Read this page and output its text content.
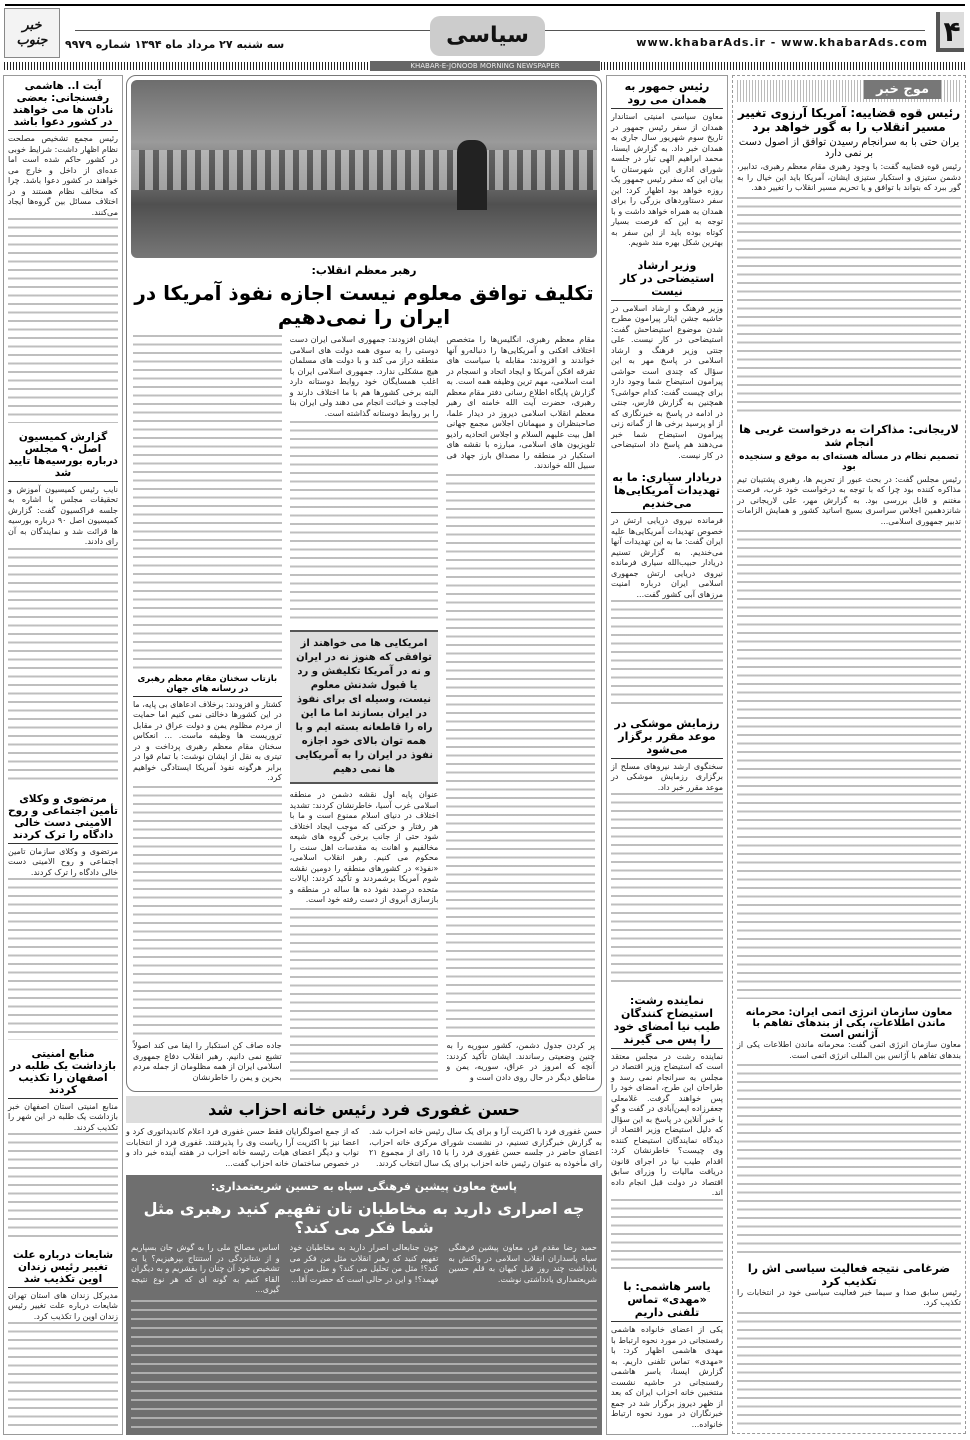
۴
www.khabarAds.ir - www.khabarAds.com
سیاسی
سه شنبه ۲۷ مرداد ماه ۱۳۹۴ شماره ۹۹۷۹
خبر جنوب
KHABAR-E-JONOOB MORNING NEWSPAPER
موج خبر
رئیس قوه قضاییه: آمریکا آرزوی تغییر مسیر انقلاب را به گور خواهد برد
یران حتی با به سرانجام رسیدن توافق از اصول دست بر نمی دارد
رئیس قوه قضاییه گفت: با وجود رهبری مقام معظم رهبری، تدابیر، دشمن ستیزی و استکبار ستیزی ایشان، آمریکا باید این خیال را به گور ببرد که بتواند با توافق و یا تحریم مسیر انقلاب را تغییر دهد.
لاریجانی: مذاکرات به درخواست غربی ها انجام شد
تصمیم نظام در مسأله هسته‌ای به موقع و سنجیده بود
رئیس مجلس گفت: در بحث عبور از تحریم ها، رهبری پشتیبان تیم مذاکره کننده بود چرا که با توجه به درخواست خود غرب، فرصت مغتنم و قابل بررسی بود. به گزارش مهر، علی لاریجانی در شانزدهمین اجلاس سراسری بسیج اساتید کشور و همایش الزامات تدبیر جمهوری اسلامی...
معاون سازمان انرژی اتمی ایران: محرمانه ماندن اطلاعات، یکی از بندهای تفاهم با آژانس است
معاون سازمان انرژی اتمی گفت: محرمانه ماندن اطلاعات یکی از بندهای تفاهم با آژانس بین المللی انرژی اتمی است.
ضرغامی نتیجه فعالیت سیاسی اش را تکذیب کرد
رئیس سابق صدا و سیما خبر فعالیت سیاسی خود در انتخابات را تکذیب کرد.
رئیس جمهور به همدان می رود
معاون سیاسی امنیتی استاندار همدان از سفر رئیس جمهور در تاریخ سوم شهریور سال جاری به همدان خبر داد. به گزارش ایسنا، محمد ابراهیم الهی تبار در جلسه شورای اداری این شهرستان با بیان این که سفر رئیس جمهور یک روزه خواهد بود اظهار کرد: این سفر دستاوردهای بزرگی را برای همدان به همراه خواهد داشت و با توجه به این که فرصت بسیار کوتاه بوده باید از این سفر به بهترین شکل بهره مند شویم.
وزیر ارشاد استیضاحی در کار نیست
وزیر فرهنگ و ارشاد اسلامی در حاشیه جشن ایثار پیرامون مطرح شدن موضوع استیضاحش گفت: استیضاحی در کار نیست. علی جنتی وزیر فرهنگ و ارشاد اسلامی در پاسخ مهر به این سؤال که چندی است حواشی پیرامون استیضاح شما وجود دارد برای چیست گفت: کدام حواشی؟ همچنین به گزارش فارس، جنتی در ادامه در پاسخ به خبرنگاری که از او پرسید برخی ها از گمانه زنی پیرامون استیضاح شما خبر می‌دهند هم پاسخ داد استیضاحی در کار نیست.
دریادار سیاری: ما به تهدیدات آمریکایی‌ها می‌خندیم
فرمانده نیروی دریایی ارتش در خصوص تهدیدات آمریکایی‌ها علیه ایران گفت: ما به این تهدیدات آنها می‌خندیم. به گزارش تسنیم دریادار حبیب‌الله سیاری فرمانده نیروی دریایی ارتش جمهوری اسلامی ایران درباره امنیت مرزهای آبی کشور گفت...
رزمایش موشکی در موعد مقرر برگزار می‌شود
سخنگوی ارشد نیروهای مسلح از برگزاری رزمایش موشکی در موعد مقرر خبر داد.
نماینده رشت: استیضاح کنندگان طیب نیا امضای خود را پس می گیرند
نماینده رشت در مجلس معتقد است که استیضاح وزیر اقتصاد در مجلس به سرانجام نمی رسد و طراحان این طرح، امضای خود را پس خواهند گرفت. غلامعلی جعفرزاده ایمن‌آبادی در گفت و گو با خبر آنلاین در پاسخ به این سؤال که دلیل استیضاح وزیر اقتصاد از دیدگاه نمایندگان استیضاح کننده وی چیست؟ خاطرنشان کرد: اقدام طیب نیا در اجرای قانون دریافت مالیات را وزرای سابق اقتصاد در دولت قبل انجام داده اند.
یاسر هاشمی: با «مهدی» تماس تلفنی داریم
یکی از اعضای خانواده هاشمی رفسنجانی در مورد نحوه ارتباط با مهدی هاشمی اظهار کرد: با «مهدی» تماس تلفنی داریم. به گزارش ایسنا، یاسر هاشمی رفسنجانی در حاشیه نشست منتخبین خانه احزاب ایران که بعد از ظهر دیروز برگزار شد در جمع خبرنگاران در مورد نحوه ارتباط خانواده...
رهبر معظم انقلاب:
تکلیف توافق معلوم نیست اجازه نفوذ آمریکا در ایران را نمی‌دهیم
مقام معظم رهبری، انگلیس‌ها را متخصص اختلاف افکنی و آمریکایی‌ها را دنباله‌رو آنها خواندند و افزودند: مقابله با سیاست های تفرقه افکن آمریکا و ایجاد اتحاد و انسجام در امت اسلامی، مهم ترین وظیفه همه است. به گزارش پایگاه اطلاع رسانی دفتر مقام معظم رهبری، حضرت آیت الله خامنه ای رهبر معظم انقلاب اسلامی دیروز در دیدار علما، صاحبنظران و میهمانان اجلاس مجمع جهانی اهل بیت علیهم السلام و اجلاس اتحادیه رادیو تلویزیون های اسلامی، مبارزه با نقشه های استکبار در منطقه را مصداق بارز جهاد فی سبیل الله خواندند.
پر کردن جدول دشمن، کشور سوریه را به چنین وضعیتی رساندند. ایشان تأکید کردند: آنچه که امروز در عراق، سوریه، یمن و مناطق دیگر در حال روی دادن است و
ایشان افزودند: جمهوری اسلامی ایران دست دوستی را به سوی همه دولت های اسلامی منطقه دراز می کند و با دولت های مسلمان هیچ مشکلی ندارد. جمهوری اسلامی ایران با اغلب همسایگان خود روابط دوستانه دارد البته برخی کشورها هم با ما اختلاف دارند و لجاجت و خباثت انجام می دهند ولی ایران بنا را بر روابط دوستانه گذاشته است.
امریکایی ها می خواهند از توافقی که هنوز نه در ایران و نه در آمریکا تکلیفش و رد یا قبول شدنش معلوم نیست، وسیله ای برای نفوذ در ایران بسازند اما ما این راه را قاطعانه بسته ایم و با همه توان بالای خود اجازه نفوذ در ایران را به آمریکایی ها نمی دهیم
عنوان پایه اول نقشه دشمن در منطقه اسلامی غرب آسیا، خاطرنشان کردند: تشدید اختلاف در دنیای اسلام ممنوع است و ما با هر رفتار و حرکتی که موجب ایجاد اختلاف شود حتی از جانب برخی گروه های شیعه مخالفیم و اهانت به مقدسات اهل سنت را محکوم می کنیم. رهبر انقلاب اسلامی، «نفوذ» در کشورهای منطقه را دومین نقشه شوم آمریکا برشمردند و تأکید کردند: ایالات متحده درصدد نفوذ ده ها ساله در منطقه و بازسازی آبروی از دست رفته خود است.
بازتاب سخنان مقام معظم رهبری در رسانه های جهان
کشتار و افزودند: برخلاف ادعاهای بی پایه، ما در این کشورها دخالتی نمی کنیم اما حمایت از مردم مظلوم یمن و دولت عراق در مقابل تروریست ها وظیفه ماست. ... انعکاس سخنان مقام معظم رهبری پرداخت و در تیتری به نقل از ایشان نوشت: با تمام قوا در برابر هرگونه نفوذ آمریکا ایستادگی خواهیم کرد.
جاده صاف کن استکبار را ایفا می کند اصولاً تشیع نمی دانیم. رهبر انقلاب دفاع جمهوری اسلامی ایران از همه مظلومان از جمله مردم بحرین و یمن را خاطرنشان
حسن غفوری فرد رئیس خانه احزاب شد
حسن غفوری فرد با اکثریت آرا و برای یک سال رئیس خانه احزاب شد. به گزارش خبرگزاری تسنیم، در نشست شورای مرکزی خانه احزاب، اعضای حاضر در جلسه حسن غفوری فرد را با ۱۵ رای از مجموع ۲۱ رای مأخوذه به عنوان رئیس خانه احزاب برای یک سال انتخاب کردند.
که از جمع اصولگرایان فقط حسن غفوری فرد اعلام کاندیداتوری کرد و اعضا نیز با اکثریت آرا ریاست وی را پذیرفتند. غفوری فرد از انتخابات نواب و دیگر اعضای هیات رئیسه خانه احزاب در هفته آینده خبر داد و در خصوص ساختمان خانه احزاب گفت...
پاسخ معاون پیشین فرهنگی سپاه به حسین شریعتمداری:
چه اصراری دارید به مخاطبان تان تفهیم کنید رهبری مثل شما فکر می کند؟
حمید رضا مقدم فر، معاون پیشین فرهنگی سپاه پاسداران انقلاب اسلامی در واکنش به یادداشت چند روز قبل کیهان به قلم حسین شریعتمداری یادداشتی نوشت.
چون جنابعالی اصرار دارید به مخاطبان خود تفهیم کنید که رهبر انقلاب مثل من فکر می کند؟! مثل من تحلیل می کند؟ و مثل من می فهمد؟! و این در حالی است که حضرت آقا...
اساس مصالح ملی را به گوش جان بسپاریم و از شتابزدگی در استنتاج بپرهیزیم؟ یا به تشخیص خود آن چنان را بفشریم و به دیگران القاء کنیم به گونه ای که هر نوع نتیجه گیری...
آیت ا.. هاشمی رفسنجانی: بعضی نادان ها می خواهند در کشور دعوا باشد
رئیس مجمع تشخیص مصلحت نظام اظهار داشت: شرایط خوبی در کشور حاکم شده است اما عده‌ای از داخل و خارج می خواهند در کشور دعوا باشد. چرا که مخالف نظام هستند و در اختلاف مسائل بین گروه‌ها ایجاد می‌کنند.
گزارش کمیسیون اصل ۹۰ مجلس درباره بورسیه‌ها تایید شد
نایب رئیس کمیسیون آموزش و تحقیقات مجلس با اشاره به جلسه فراکسیون گفت: گزارش کمیسیون اصل ۹۰ درباره بورسیه ها قرائت شد و نمایندگان به آن رای دادند.
مرتضوی و وکلای تأمین اجتماعی و روح الامینی دست خالی دادگاه را ترک کردند
مرتضوی و وکلای سازمان تامین اجتماعی و روح الامینی دست خالی دادگاه را ترک کردند.
منابع امنیتی بازداشت یک طلبه در اصفهان را تکذیب کردند
منابع امنیتی استان اصفهان خبر بازداشت یک طلبه در این شهر را تکذیب کردند.
شایعات درباره علت تغییر رئیس زندان اوین تکذیب شد
مدیرکل زندان های استان تهران شایعات درباره علت تغییر رئیس زندان اوین را تکذیب کرد.
